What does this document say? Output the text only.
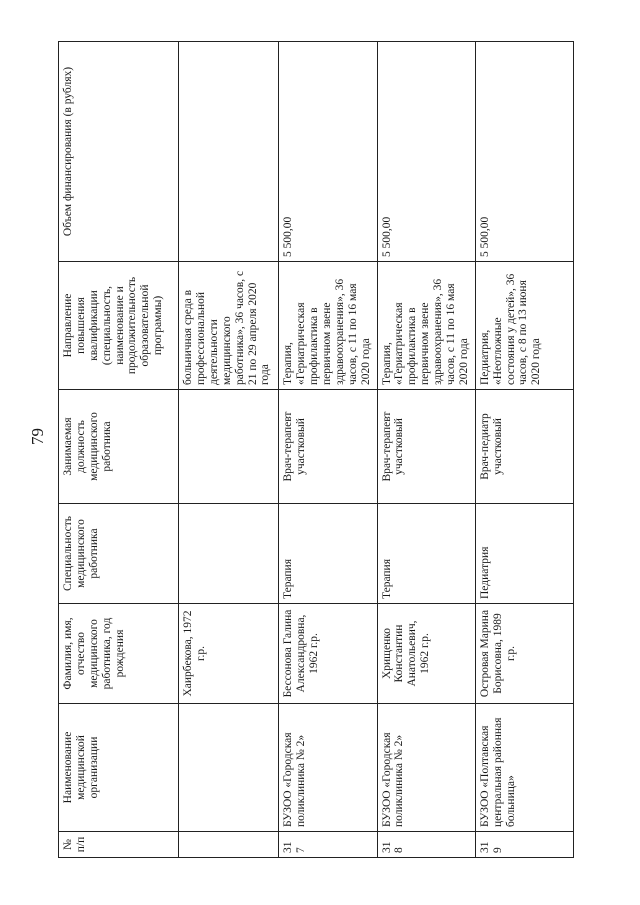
79
№ п/п	Наименование медицинской организации	Фамилия, имя, отчество медицинского работника, год рождения	Специальность медицинского работника	Занимаемая должность медицинского работника	Направление повышения квалификации (специальность, наименование и продолжительность образовательной программы)	Объем финансирования (в рублях)
		Хаирбекова, 1972 г.р.			больничная среда в профессиональной деятельности медицинского работника», 36 часов, с 21 по 29 апреля 2020 года	
317	БУЗОО «Городская поликлиника № 2»	Бессонова Галина Александровна, 1962 г.р.	Терапия	Врач-терапевт участковый	Терапия, «Гериатрическая профилактика в первичном звене здравоохранения», 36 часов, с 11 по 16 мая 2020 года	5 500,00
318	БУЗОО «Городская поликлиника № 2»	Хрищенко Константин Анатольевич, 1962 г.р.	Терапия	Врач-терапевт участковый	Терапия, «Гериатрическая профилактика в первичном звене здравоохранения», 36 часов, с 11 по 16 мая 2020 года	5 500,00
319	БУЗОО «Полтавская центральная районная больница»	Островая Марина Борисовна, 1989 г.р.	Педиатрия	Врач-педиатр участковый	Педиатрия, «Неотложные состояния у детей», 36 часов, с 8 по 13 июня 2020 года	5 500,00
